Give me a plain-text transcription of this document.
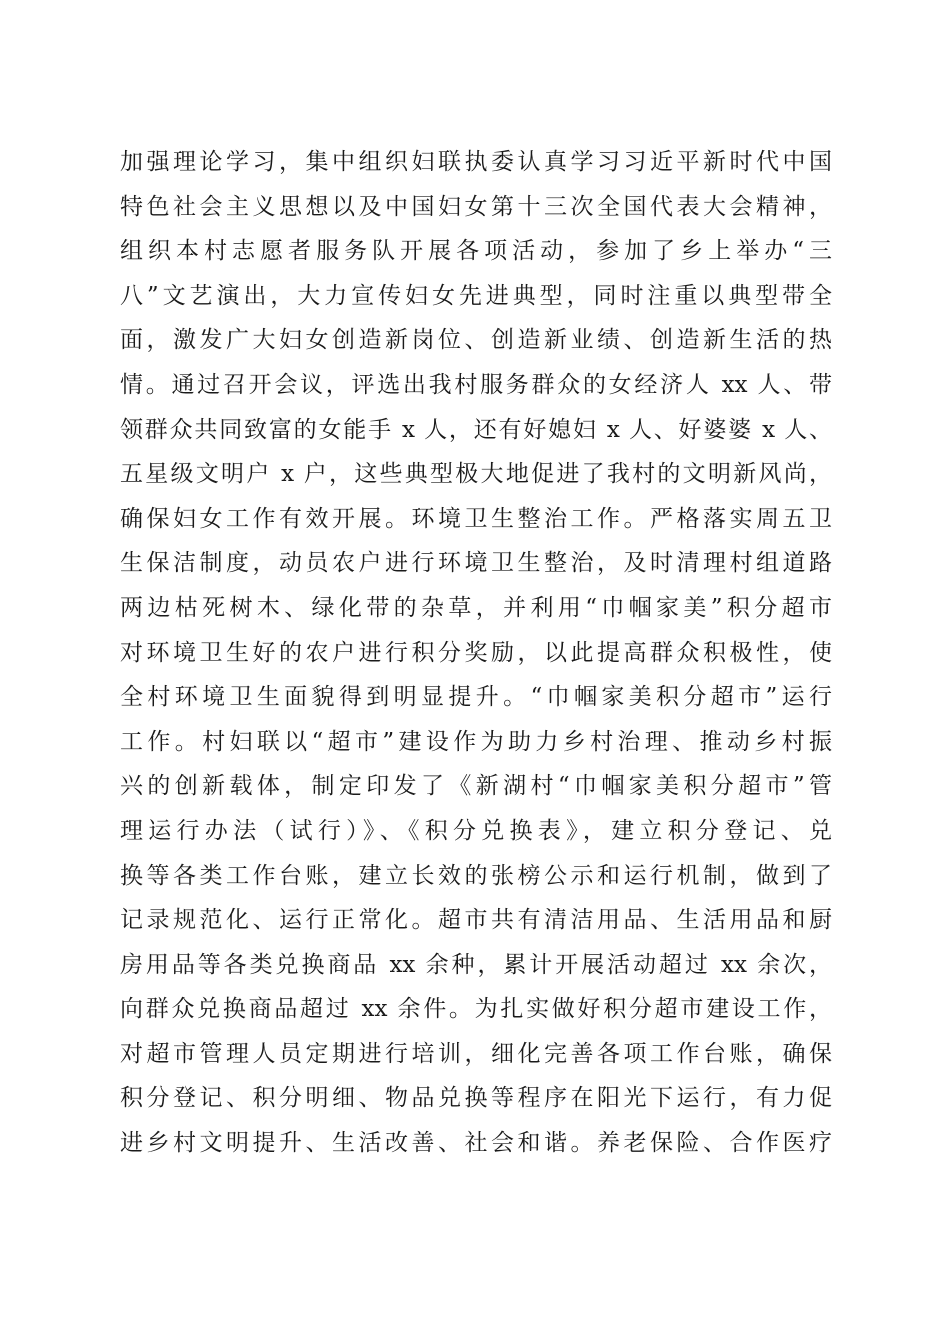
加强理论学习，集中组织妇联执委认真学习习近平新时代中国
特色社会主义思想以及中国妇女第十三次全国代表大会精神，
组织本村志愿者服务队开展各项活动，参加了乡上举办“三
八”文艺演出，大力宣传妇女先进典型，同时注重以典型带全
面，激发广大妇女创造新岗位、创造新业绩、创造新生活的热
情。通过召开会议，评选出我村服务群众的女经济人 xx 人、带
领群众共同致富的女能手 x 人，还有好媳妇 x 人、好婆婆 x 人、
五星级文明户 x 户，这些典型极大地促进了我村的文明新风尚，
确保妇女工作有效开展。环境卫生整治工作。严格落实周五卫
生保洁制度，动员农户进行环境卫生整治，及时清理村组道路
两边枯死树木、绿化带的杂草，并利用“巾帼家美”积分超市
对环境卫生好的农户进行积分奖励，以此提高群众积极性，使
全村环境卫生面貌得到明显提升。“巾帼家美积分超市”运行
工作。村妇联以“超市”建设作为助力乡村治理、推动乡村振
兴的创新载体，制定印发了《新湖村“巾帼家美积分超市”管
理运行办法（试行）》、《积分兑换表》，建立积分登记、兑
换等各类工作台账，建立长效的张榜公示和运行机制，做到了
记录规范化、运行正常化。超市共有清洁用品、生活用品和厨
房用品等各类兑换商品 xx 余种，累计开展活动超过 xx 余次，
向群众兑换商品超过 xx 余件。为扎实做好积分超市建设工作，
对超市管理人员定期进行培训，细化完善各项工作台账，确保
积分登记、积分明细、物品兑换等程序在阳光下运行，有力促
进乡村文明提升、生活改善、社会和谐。养老保险、合作医疗
